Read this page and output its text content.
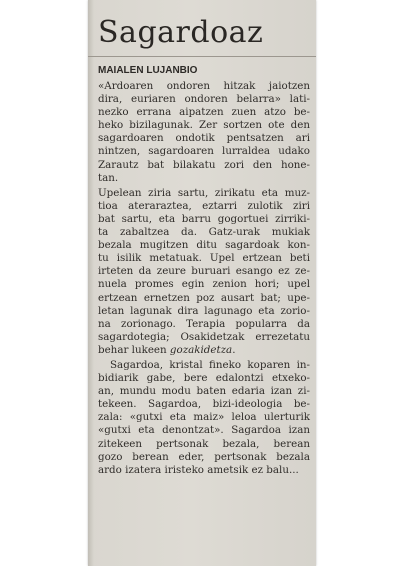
Sagardoaz
MAIALEN LUJANBIO
«Ardoaren ondoren hitzak jaiotzen
dira, euriaren ondoren belarra» lati-
nezko errana aipatzen zuen atzo be-
heko bizilagunak. Zer sortzen ote den
sagardoaren ondotik pentsatzen ari
nintzen, sagardoaren lurraldea udako
Zarautz bat bilakatu zori den hone-
tan.
Upelean ziria sartu, zirikatu eta muz-
tioa ateraraztea, eztarri zulotik ziri
bat sartu, eta barru gogortuei zirriki-
ta zabaltzea da. Gatz-urak mukiak
bezala mugitzen ditu sagardoak kon-
tu isilik metatuak. Upel ertzean beti
irteten da zeure buruari esango ez ze-
nuela promes egin zenion hori; upel
ertzean ernetzen poz ausart bat; upe-
letan lagunak dira lagunago eta zorio-
na zorionago. Terapia popularra da
sagardotegia; Osakidetzak errezetatu
behar lukeen gozakidetza.
Sagardoa, kristal fineko koparen in-
bidiarik gabe, bere edalontzi etxeko-
an, mundu modu baten edaria izan zi-
tekeen. Sagardoa, bizi-ideologia be-
zala: «gutxi eta maiz» leloa ulerturik
«gutxi eta denontzat». Sagardoa izan
zitekeen pertsonak bezala, berean
gozo berean eder, pertsonak bezala
ardo izatera iristeko ametsik ez balu...
